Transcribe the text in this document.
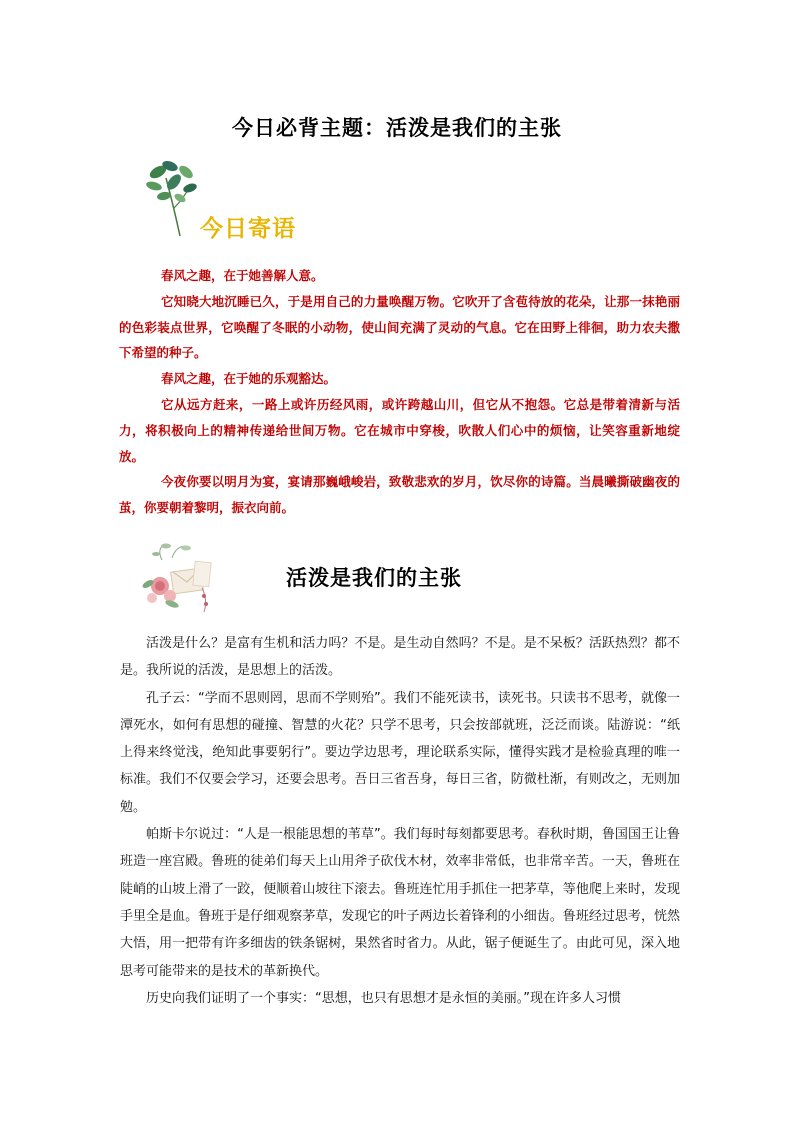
今日必背主题：活泼是我们的主张
今日寄语

春风之趣，在于她善解人意。

它知晓大地沉睡已久，于是用自己的力量唤醒万物。它吹开了含苞待放的花朵，让那一抹艳丽的色彩装点世界，它唤醒了冬眠的小动物，使山间充满了灵动的气息。它在田野上徘徊，助力农夫撒下希望的种子。

春风之趣，在于她的乐观豁达。

它从远方赶来，一路上或许历经风雨，或许跨越山川，但它从不抱怨。它总是带着清新与活力，将积极向上的精神传递给世间万物。它在城市中穿梭，吹散人们心中的烦恼，让笑容重新地绽放。

今夜你要以明月为宴，宴请那巍峨峻岩，致敬悲欢的岁月，饮尽你的诗篇。当晨曦撕破幽夜的茧，你要朝着黎明，振衣向前。

活泼是我们的主张

活泼是什么？是富有生机和活力吗？不是。是生动自然吗？不是。是不呆板？活跃热烈？都不是。我所说的活泼，是思想上的活泼。

孔子云：“学而不思则罔，思而不学则殆”。我们不能死读书，读死书。只读书不思考，就像一潭死水，如何有思想的碰撞、智慧的火花？只学不思考，只会按部就班，泛泛而谈。陆游说：“纸上得来终觉浅，绝知此事要躬行”。要边学边思考，理论联系实际，懂得实践才是检验真理的唯一标准。我们不仅要会学习，还要会思考。吾日三省吾身，每日三省，防微杜渐，有则改之，无则加勉。

帕斯卡尔说过：“人是一根能思想的苇草”。我们每时每刻都要思考。春秋时期，鲁国国王让鲁班造一座宫殿。鲁班的徒弟们每天上山用斧子砍伐木材，效率非常低，也非常辛苦。一天，鲁班在陡峭的山坡上滑了一跤，便顺着山坡往下滚去。鲁班连忙用手抓住一把茅草，等他爬上来时，发现手里全是血。鲁班于是仔细观察茅草，发现它的叶子两边长着锋利的小细齿。鲁班经过思考，恍然大悟，用一把带有许多细齿的铁条锯树，果然省时省力。从此，锯子便诞生了。由此可见，深入地思考可能带来的是技术的革新换代。

历史向我们证明了一个事实：“思想，也只有思想才是永恒的美丽。”现在许多人习惯
